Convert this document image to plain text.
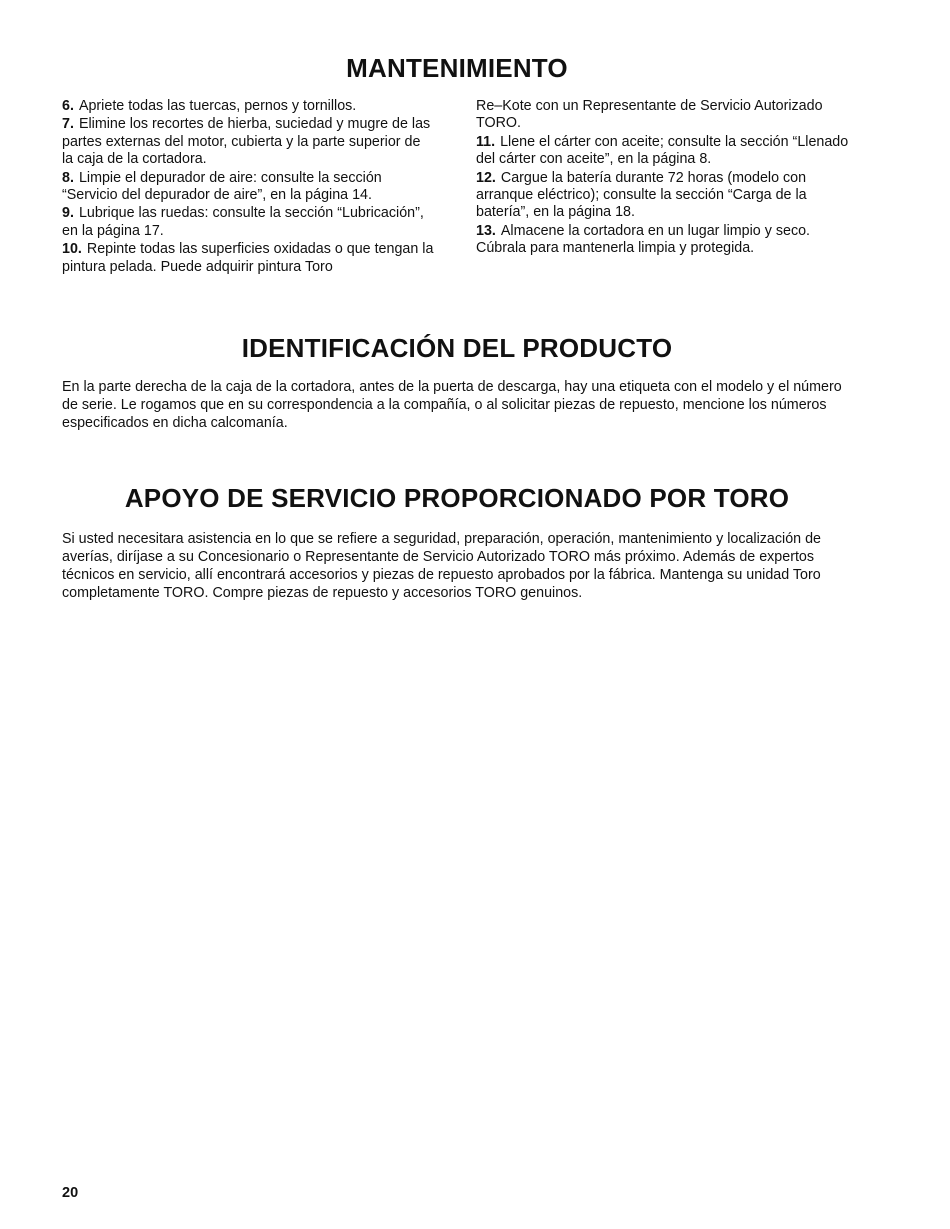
MANTENIMIENTO

6. Apriete todas las tuercas, pernos y tornillos.

7. Elimine los recortes de hierba, suciedad y mugre de las partes externas del motor, cubierta y la parte superior de la caja de la cortadora.

8. Limpie el depurador de aire: consulte la sección “Servicio del depurador de aire”, en la página 14.

9. Lubrique las ruedas: consulte la sección “Lubricación”, en la página 17.

10. Repinte todas las superficies oxidadas o que tengan la pintura pelada. Puede adquirir pintura Toro

Re–Kote con un Representante de Servicio Autorizado TORO.

11. Llene el cárter con aceite; consulte la sección “Llenado del cárter con aceite”, en la página 8.

12. Cargue la batería durante 72 horas (modelo con arranque eléctrico); consulte la sección “Carga de la batería”, en la página 18.

13. Almacene la cortadora en un lugar limpio y seco. Cúbrala para mantenerla limpia y protegida.

IDENTIFICACIÓN DEL PRODUCTO

En la parte derecha de la caja de la cortadora, antes de la puerta de descarga, hay una etiqueta con el modelo y el número de serie. Le rogamos que en su correspondencia a la compañía, o al solicitar piezas de repuesto, mencione los números especificados en dicha calcomanía.

APOYO DE SERVICIO PROPORCIONADO POR TORO

Si usted necesitara asistencia en lo que se refiere a seguridad, preparación, operación, mantenimiento y localización de averías, diríjase a su Concesionario o Representante de Servicio Autorizado TORO más próximo. Además de expertos técnicos en servicio, allí encontrará accesorios y piezas de repuesto aprobados por la fábrica. Mantenga su unidad Toro completamente TORO. Compre piezas de repuesto y accesorios TORO genuinos.

20
